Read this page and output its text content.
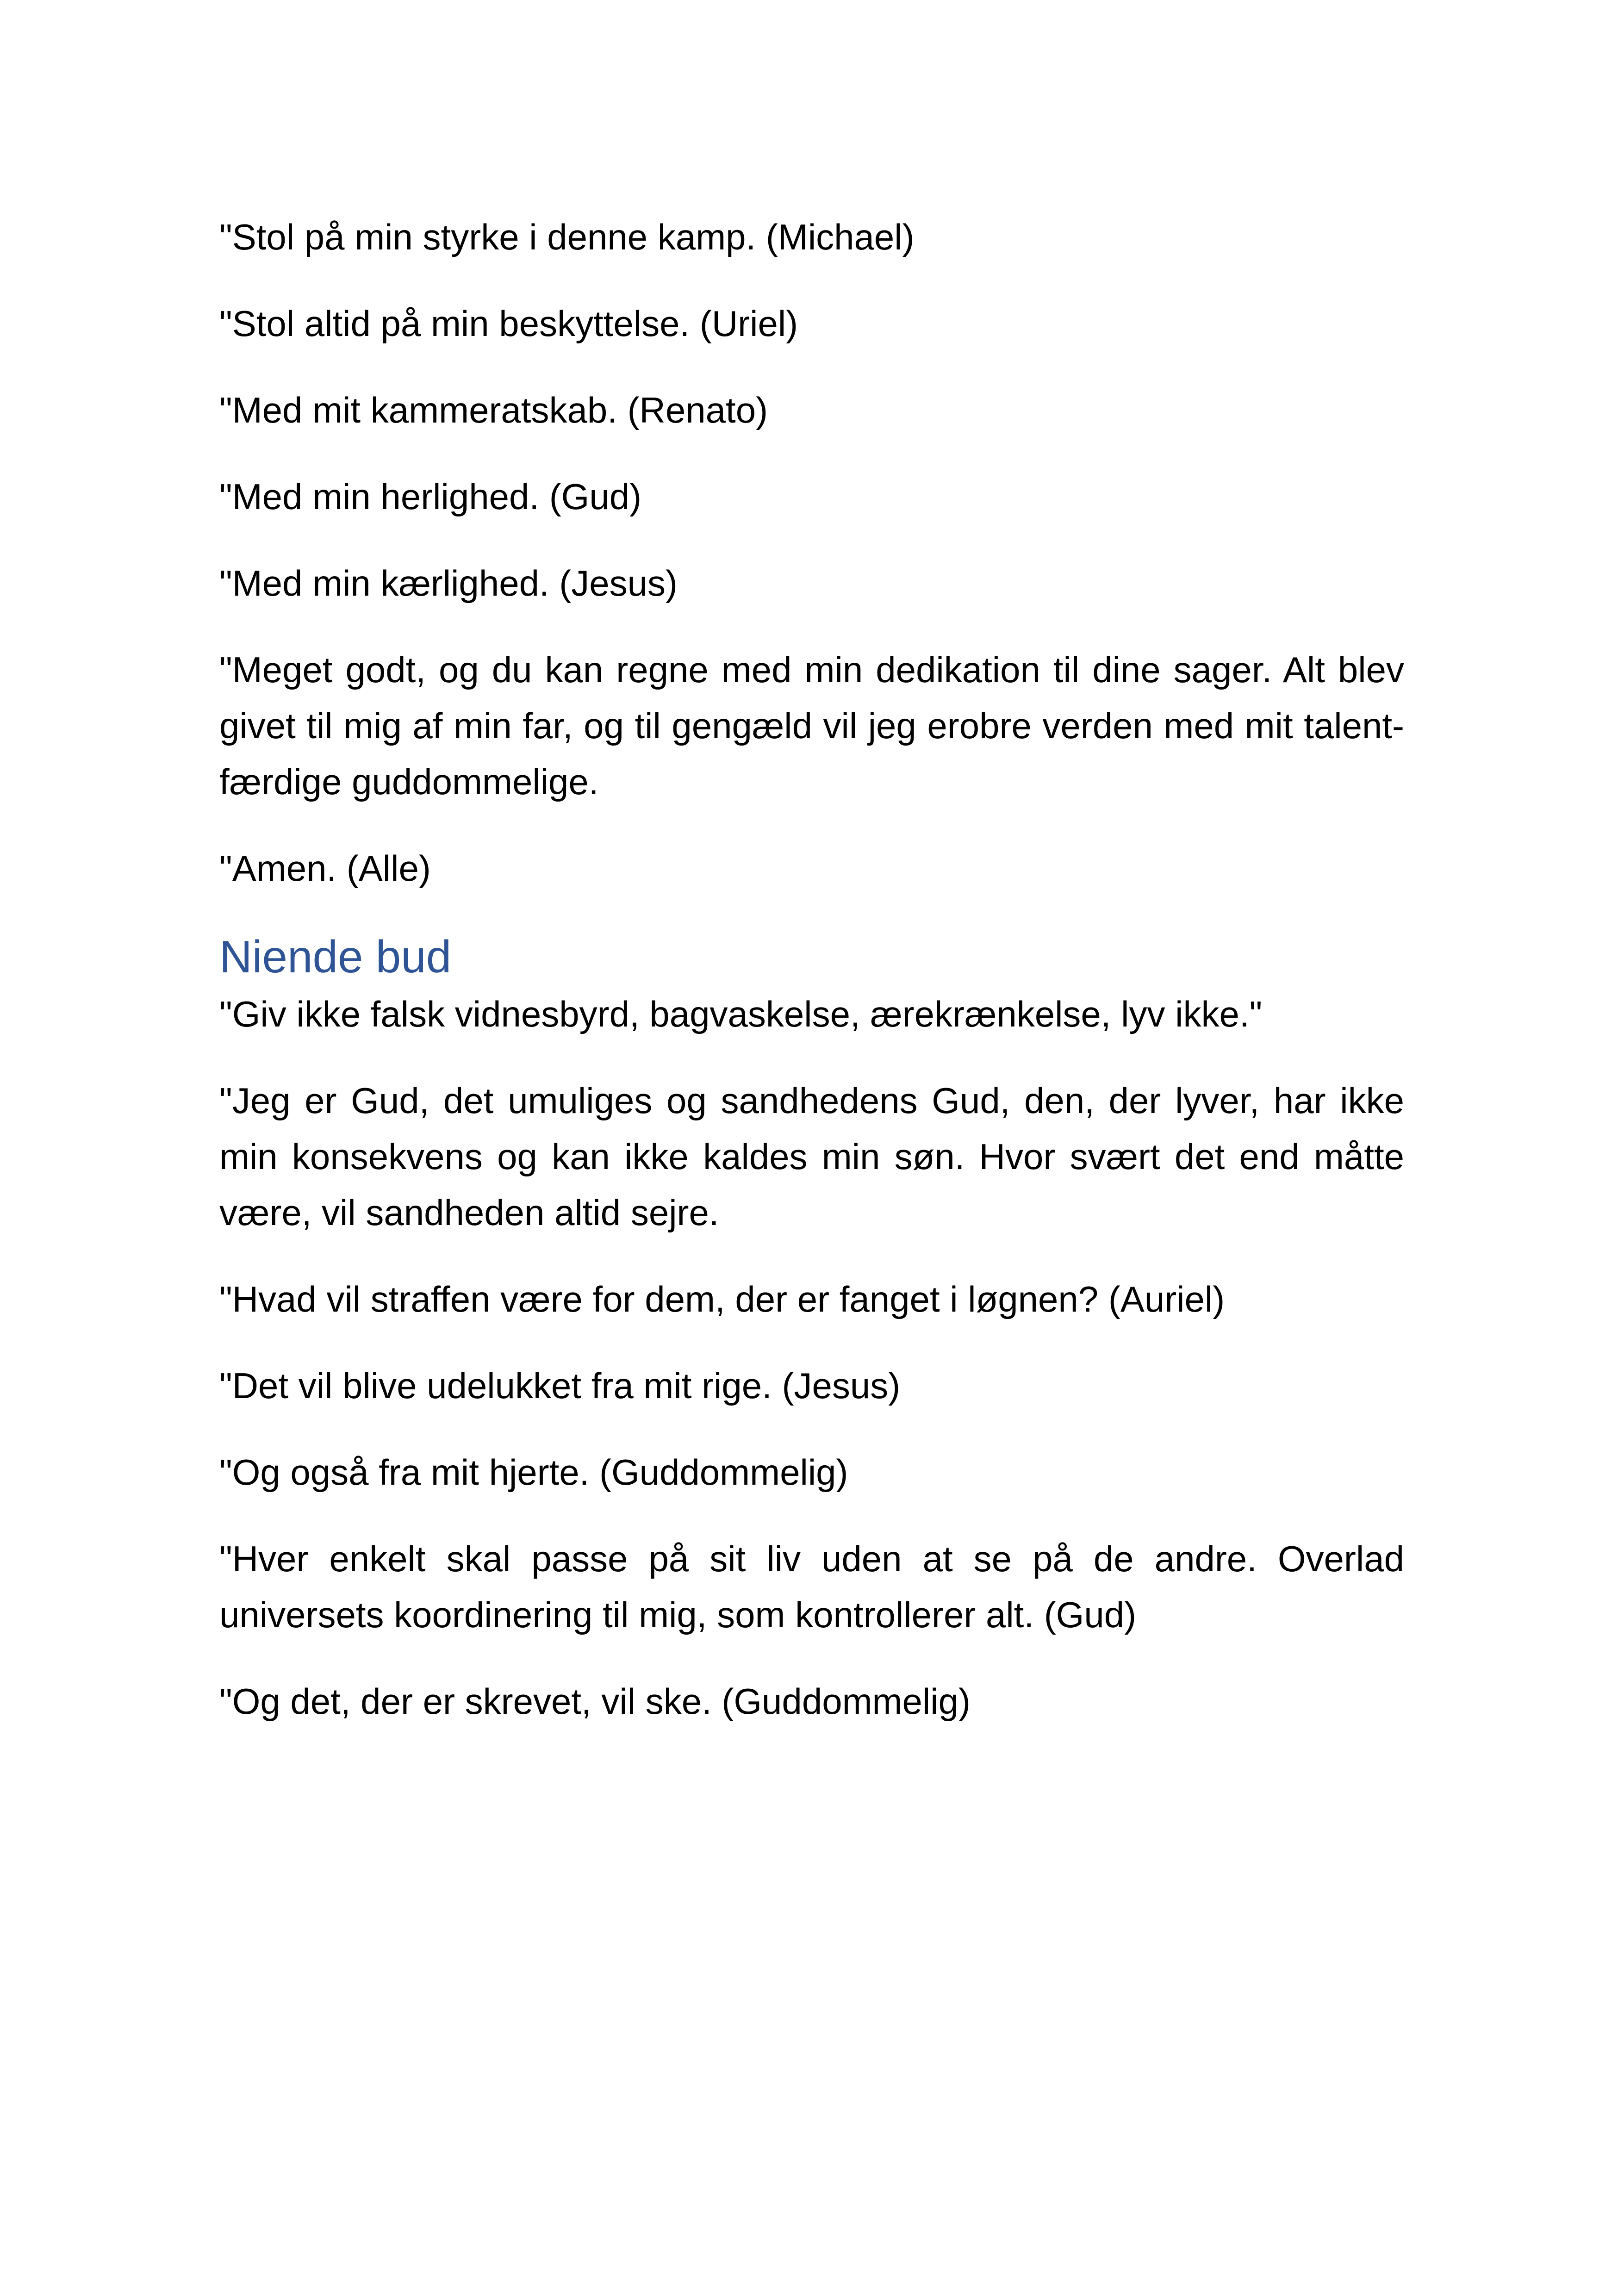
"Stol på min styrke i denne kamp. (Michael)

"Stol altid på min beskyttelse. (Uriel)

"Med mit kammeratskab. (Renato)

"Med min herlighed. (Gud)

"Med min kærlighed. (Jesus)

"Meget godt, og du kan regne med min dedikation til dine sager. Alt blev givet til mig af min far, og til gengæld vil jeg erobre verden med mit talent-færdige guddommelige.

"Amen. (Alle)

Niende bud

"Giv ikke falsk vidnesbyrd, bagvaskelse, ærekrænkelse, lyv ikke."

"Jeg er Gud, det umuliges og sandhedens Gud, den, der lyver, har ikke min konsekvens og kan ikke kaldes min søn. Hvor svært det end måtte være, vil sandheden altid sejre.

"Hvad vil straffen være for dem, der er fanget i løgnen? (Auriel)

"Det vil blive udelukket fra mit rige. (Jesus)

"Og også fra mit hjerte. (Guddommelig)

"Hver enkelt skal passe på sit liv uden at se på de andre. Overlad universets koordinering til mig, som kontrollerer alt. (Gud)

"Og det, der er skrevet, vil ske. (Guddommelig)
